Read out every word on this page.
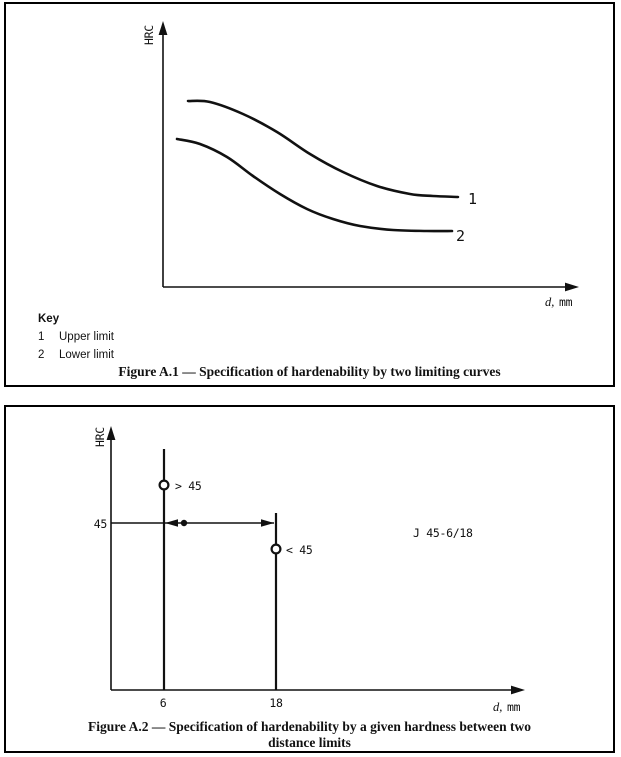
HRC
1
2
d, mm
Key
1	Upper limit
2	Lower limit
Figure A.1 — Specification of hardenability by two limiting curves
HRC
> 45
< 45
45
J 45-6/18
6	18	d, mm
Figure A.2 — Specification of hardenability by a given hardness between two
distance limits
